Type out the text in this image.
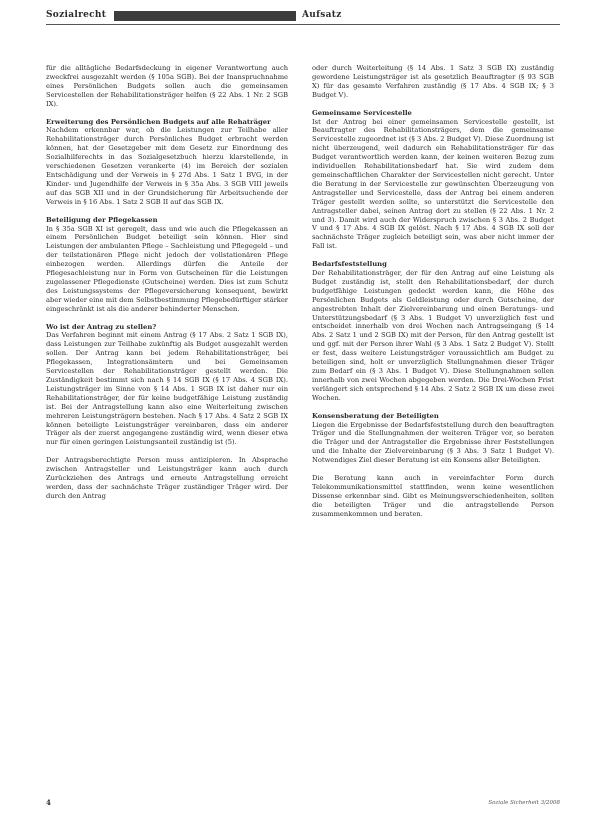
Sozialrecht	Aufsatz

für die alltägliche Bedarfsdeckung in eigener Verantwortung auch zweckfrei ausgezahlt werden (§ 105a SGB). Bei der Inanspruchnahme eines Persönlichen Budgets sollen auch die gemeinsamen Servicestellen der Rehabilitationsträger helfen (§ 22 Abs. 1 Nr. 2 SGB IX).

Erweiterung des Persönlichen Budgets auf alle Rehaträger

Nachdem erkennbar war, ob die Leistungen zur Teilhabe aller Rehabilitationsträger durch Persönliches Budget erbracht werden können, hat der Gesetzgeber mit dem Gesetz zur Einordnung des Sozialhilferechts in das Sozialgesetzbuch hierzu klarstellende, in verschiedenen Gesetzen verankerte (4) im Bereich der sozialen Entschädigung und der Verweis in § 27d Abs. 1 Satz 1 BVG, in der Kinder- und Jugendhilfe der Verweis in § 35a Abs. 3 SGB VIII jeweils auf das SGB XII und in der Grundsicherung für Arbeitsuchende der Verweis in § 16 Abs. 1 Satz 2 SGB II auf das SGB IX.

Beteiligung der Pflegekassen

In § 35a SGB XI ist geregelt, dass und wie auch die Pflegekassen an einem Persönlichen Budget beteiligt sein können. Hier sind Leistungen der ambulanten Pflege – Sachleistung und Pflegegeld – und der teilstationären Pflege nicht jedoch der vollstationären Pflege einbezogen werden. Allerdings dürfen die Anteile der Pflegesachleistung nur in Form von Gutscheinen für die Leistungen zugelassener Pflegedienste (Gutscheine) werden. Dies ist zum Schutz des Leistungssystems der Pflegeversicherung konsequent, bewirkt aber wieder eine mit dem Selbstbestimmung Pflegebedürftiger stärker eingeschränkt ist als die anderer behinderter Menschen.

Wo ist der Antrag zu stellen?

Das Verfahren beginnt mit einem Antrag (§ 17 Abs. 2 Satz 1 SGB IX), dass Leistungen zur Teilhabe zukünftig als Budget ausgezahlt werden sollen. Der Antrag kann bei jedem Rehabilitationsträger, bei Pflegekassen, Integrationsämtern und bei Gemeinsamen Servicestellen der Rehabilitationsträger gestellt werden. Die Zuständigkeit bestimmt sich nach § 14 SGB IX (§ 17 Abs. 4 SGB IX). Leistungsträger im Sinne von § 14 Abs. 1 SGB IX ist daher nur ein Rehabilitationsträger, der für keine budgetfähige Leistung zuständig ist. Bei der Antragstellung kann also eine Weiterleitung zwischen mehreren Leistungsträgern bestehen. Nach § 17 Abs. 4 Satz 2 SGB IX können beteiligte Leistungsträger vereinbaren, dass ein anderer Träger als der zuerst angegangene zuständig wird, wenn dieser etwa nur für einen geringen Leistungsanteil zuständig ist (5).

Der Antragsberechtigte Person muss antizipieren. In Absprache zwischen Antragsteller und Leistungsträger kann auch durch Zurückziehen des Antrags und erneute Antragstellung erreicht werden, dass der sachnächste Träger zuständiger Träger wird. Der durch den Antrag

oder durch Weiterleitung (§ 14 Abs. 1 Satz 3 SGB IX) zuständig gewordene Leistungsträger ist als gesetzlich Beauftragter (§ 93 SGB X) für das gesamte Verfahren zuständig (§ 17 Abs. 4 SGB IX; § 3 Budget V).

Gemeinsame Servicestelle

Ist der Antrag bei einer gemeinsamen Servicestelle gestellt, ist Beauftragter des Rehabilitationsträgers, dem die gemeinsame Servicestelle zugeordnet ist (§ 3 Abs. 2 Budget V). Diese Zuordnung ist nicht überzeugend, weil dadurch ein Rehabilitationsträger für das Budget verantwortlich werden kann, der keinen weiteren Bezug zum individuellen Rehabilitationsbedarf hat. Sie wird zudem dem gemeinschaftlichen Charakter der Servicestellen nicht gerecht. Unter die Beratung in der Servicestelle zur gewünschten Überzeugung von Antragsteller und Servicestelle, dass der Antrag bei einem anderen Träger gestellt werden sollte, so unterstützt die Servicestelle den Antragsteller dabei, seinen Antrag dort zu stellen (§ 22 Abs. 1 Nr. 2 und 3). Damit wird auch der Widerspruch zwischen § 3 Abs. 2 Budget V und § 17 Abs. 4 SGB IX gelöst. Nach § 17 Abs. 4 SGB IX soll der sachnächste Träger zugleich beteiligt sein, was aber nicht immer der Fall ist.

Bedarfsfeststellung

Der Rehabilitationsträger, der für den Antrag auf eine Leistung als Budget zuständig ist, stellt den Rehabilitationsbedarf, der durch budgetfähige Leistungen gedeckt werden kann, die Höhe des Persönlichen Budgets als Geldleistung oder durch Gutscheine, der angestrebten Inhalt der Zielvereinbarung und einen Beratungs- und Unterstützungsbedarf (§ 3 Abs. 1 Budget V) unverzüglich fest und entscheidet innerhalb von drei Wochen nach Antragseingang (§ 14 Abs. 2 Satz 1 und 2 SGB IX) mit der Person, für den Antrag gestellt ist und ggf. mit der Person ihrer Wahl (§ 3 Abs. 1 Satz 2 Budget V). Stellt er fest, dass weitere Leistungsträger voraussichtlich am Budget zu beteiligen sind, holt er unverzüglich Stellungnahmen dieser Träger zum Bedarf ein (§ 3 Abs. 1 Budget V). Diese Stellungnahmen sollen innerhalb von zwei Wochen abgegeben werden. Die Drei-Wochen Frist verlängert sich entsprechend § 14 Abs. 2 Satz 2 SGB IX um diese zwei Wochen.

Konsensberatung der Beteiligten

Liegen die Ergebnisse der Bedarfsfeststellung durch den beauftragten Träger und die Stellungnahmen der weiteren Träger vor, so beraten die Träger und der Antragsteller die Ergebnisse ihrer Feststellungen und die Inhalte der Zielvereinbarung (§ 3 Abs. 3 Satz 1 Budget V). Notwendiges Ziel dieser Beratung ist ein Konsens aller Beteiligten.

Die Beratung kann auch in vereinfachter Form durch Telekommunikationsmittel stattfinden, wenn keine wesentlichen Dissense erkennbar sind. Gibt es Meinungsverschiedenheiten, sollten die beteiligten Träger und die antragstellende Person zusammenkommen und beraten.

4	Soziale Sicherheit 3/2008
